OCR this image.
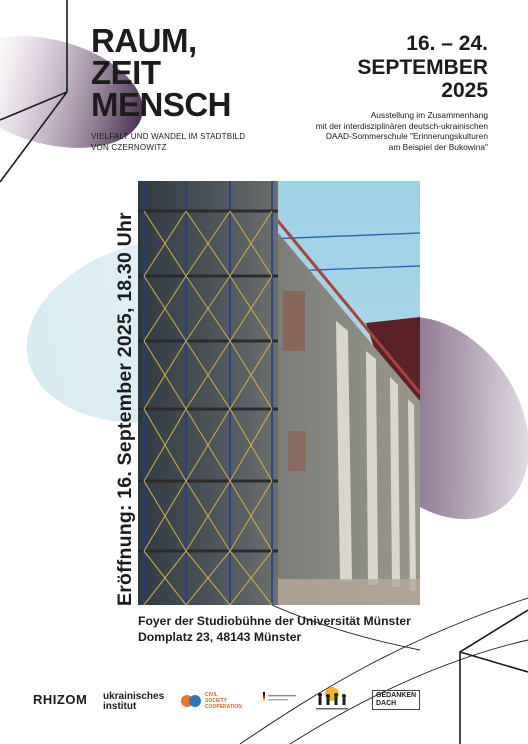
RAUM,
ZEIT
MENSCH
VIELFALT UND WANDEL IM STADTBILD
VON CZERNOWITZ
16. – 24.
SEPTEMBER
2025
Ausstellung im Zusammenhang
mit der interdisziplinären deutsch-ukrainischen
DAAD-Sommerschule "Erinnerungskulturen
am Beispiel der Bukowina"
Eröffnung: 16. September 2025, 18.30 Uhr
Foyer der Studiobühne der Universität Münster
Domplatz 23, 48143 Münster
RHIZOM ukrainisches
institut
CIVIL
SOCIETY
COOPERATION
GEDANKEN
DACH
